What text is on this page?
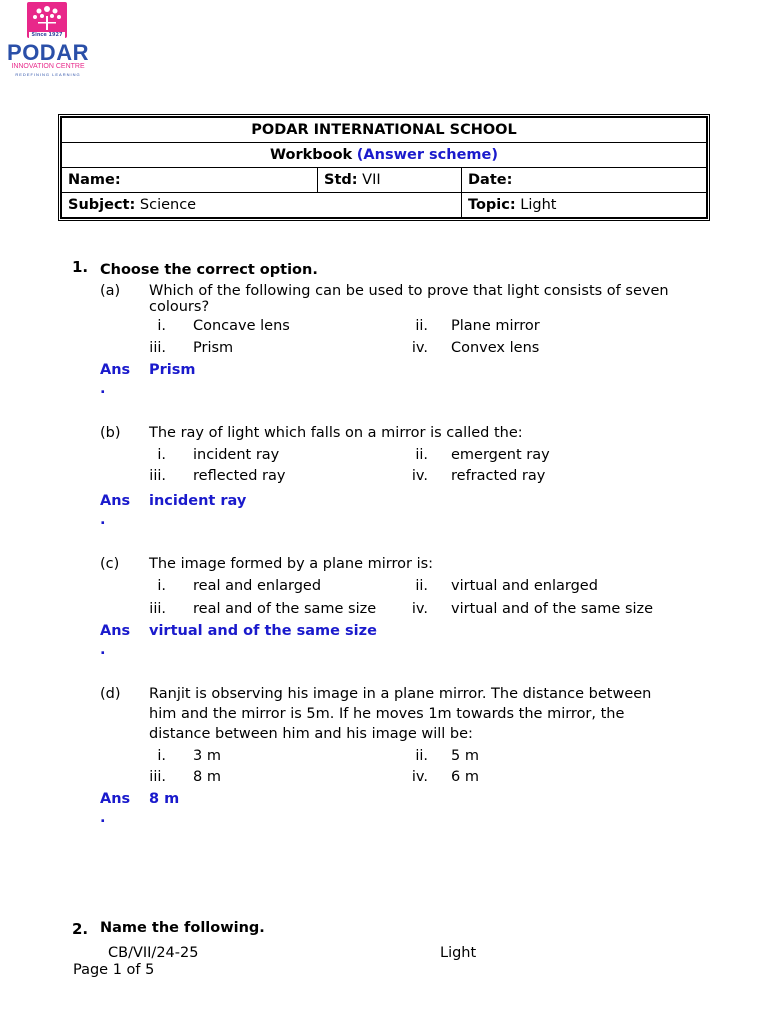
Since 1927
PODAR
INNOVATION CENTRE
REDEFINING LEARNING
PODAR INTERNATIONAL SCHOOL		
Workbook (Answer scheme)		
Name:	Std: VII	Date:
Subject: Science		Topic: Light
1. Choose the correct option.
(a) Which of the following can be used to prove that light consists of seven colours?
i. Concave lens	ii. Plane mirror
iii. Prism	iv. Convex lens
Ans Prism
.
(b) The ray of light which falls on a mirror is called the:
i. incident ray	ii. emergent ray
iii. reflected ray	iv. refracted ray
Ans incident ray
.
(c) The image formed by a plane mirror is:
i. real and enlarged	ii. virtual and enlarged
iii. real and of the same size	iv. virtual and of the same size
Ans virtual and of the same size
.
(d) Ranjit is observing his image in a plane mirror. The distance between
him and the mirror is 5m. If he moves 1m towards the mirror, the
distance between him and his image will be:
i. 3 m	ii. 5 m
iii. 8 m	iv. 6 m
Ans 8 m
.
2. Name the following.
CB/VII/24-25	Light
Page 1 of 5
